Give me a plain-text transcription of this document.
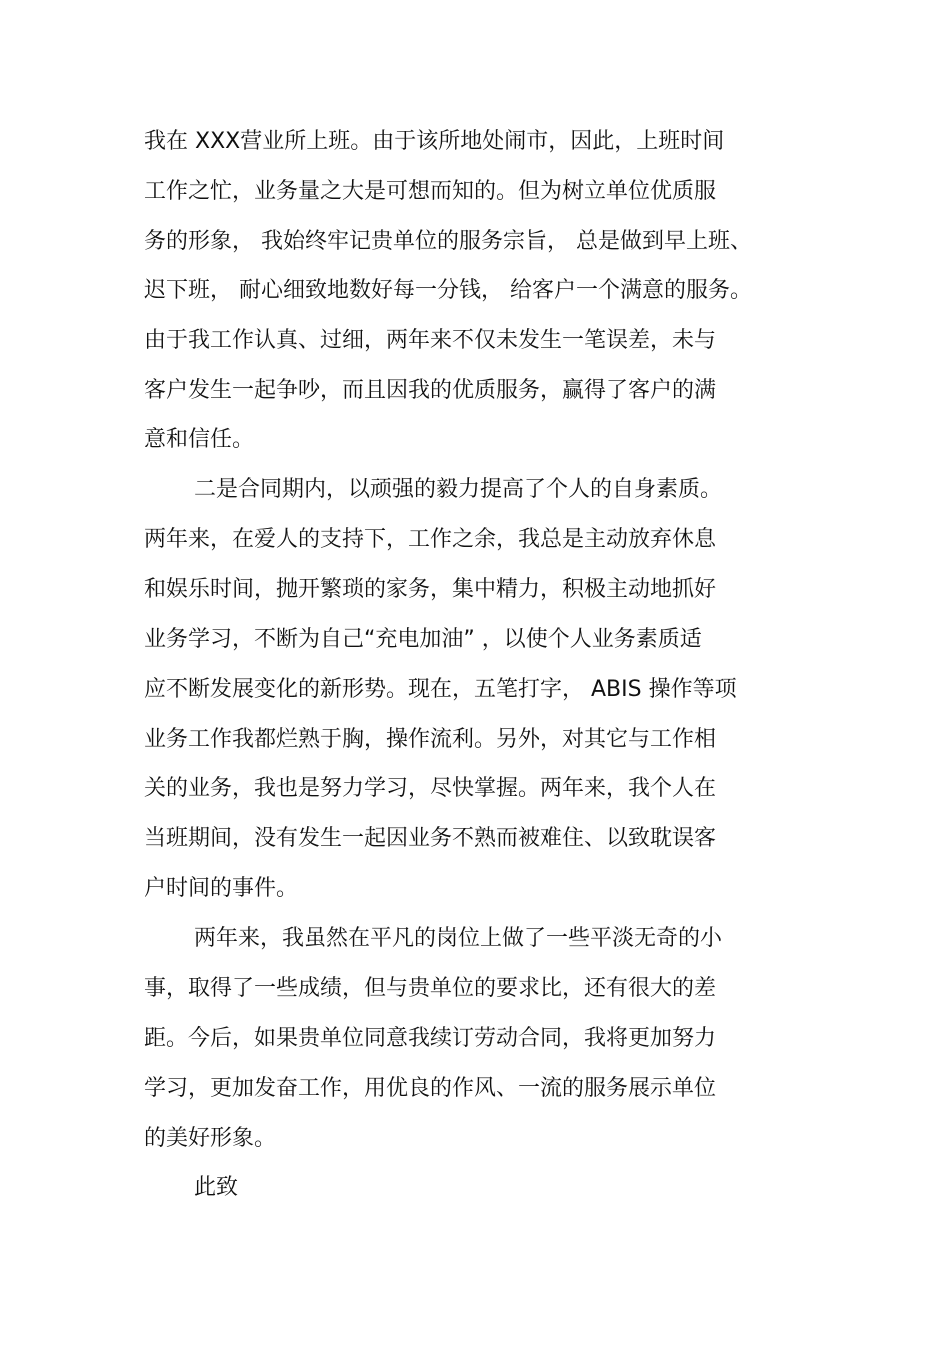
我在 XXX营业所上班。由于该所地处闹市，因此，上班时间
工作之忙，业务量之大是可想而知的。但为树立单位优质服
务的形象， 我始终牢记贵单位的服务宗旨， 总是做到早上班、
迟下班， 耐心细致地数好每一分钱， 给客户一个满意的服务。
由于我工作认真、过细，两年来不仅未发生一笔误差，未与
客户发生一起争吵，而且因我的优质服务，赢得了客户的满
意和信任。
二是合同期内，以顽强的毅力提高了个人的自身素质。
两年来，在爱人的支持下，工作之余，我总是主动放弃休息
和娱乐时间，抛开繁琐的家务，集中精力，积极主动地抓好
业务学习，不断为自己“充电加油” ，以使个人业务素质适
应不断发展变化的新形势。现在，五笔打字， ABIS 操作等项
业务工作我都烂熟于胸，操作流利。另外，对其它与工作相
关的业务，我也是努力学习，尽快掌握。两年来，我个人在
当班期间，没有发生一起因业务不熟而被难住、以致耽误客
户时间的事件。
两年来，我虽然在平凡的岗位上做了一些平淡无奇的小
事，取得了一些成绩，但与贵单位的要求比，还有很大的差
距。今后，如果贵单位同意我续订劳动合同，我将更加努力
学习，更加发奋工作，用优良的作风、一流的服务展示单位
的美好形象。
此致
